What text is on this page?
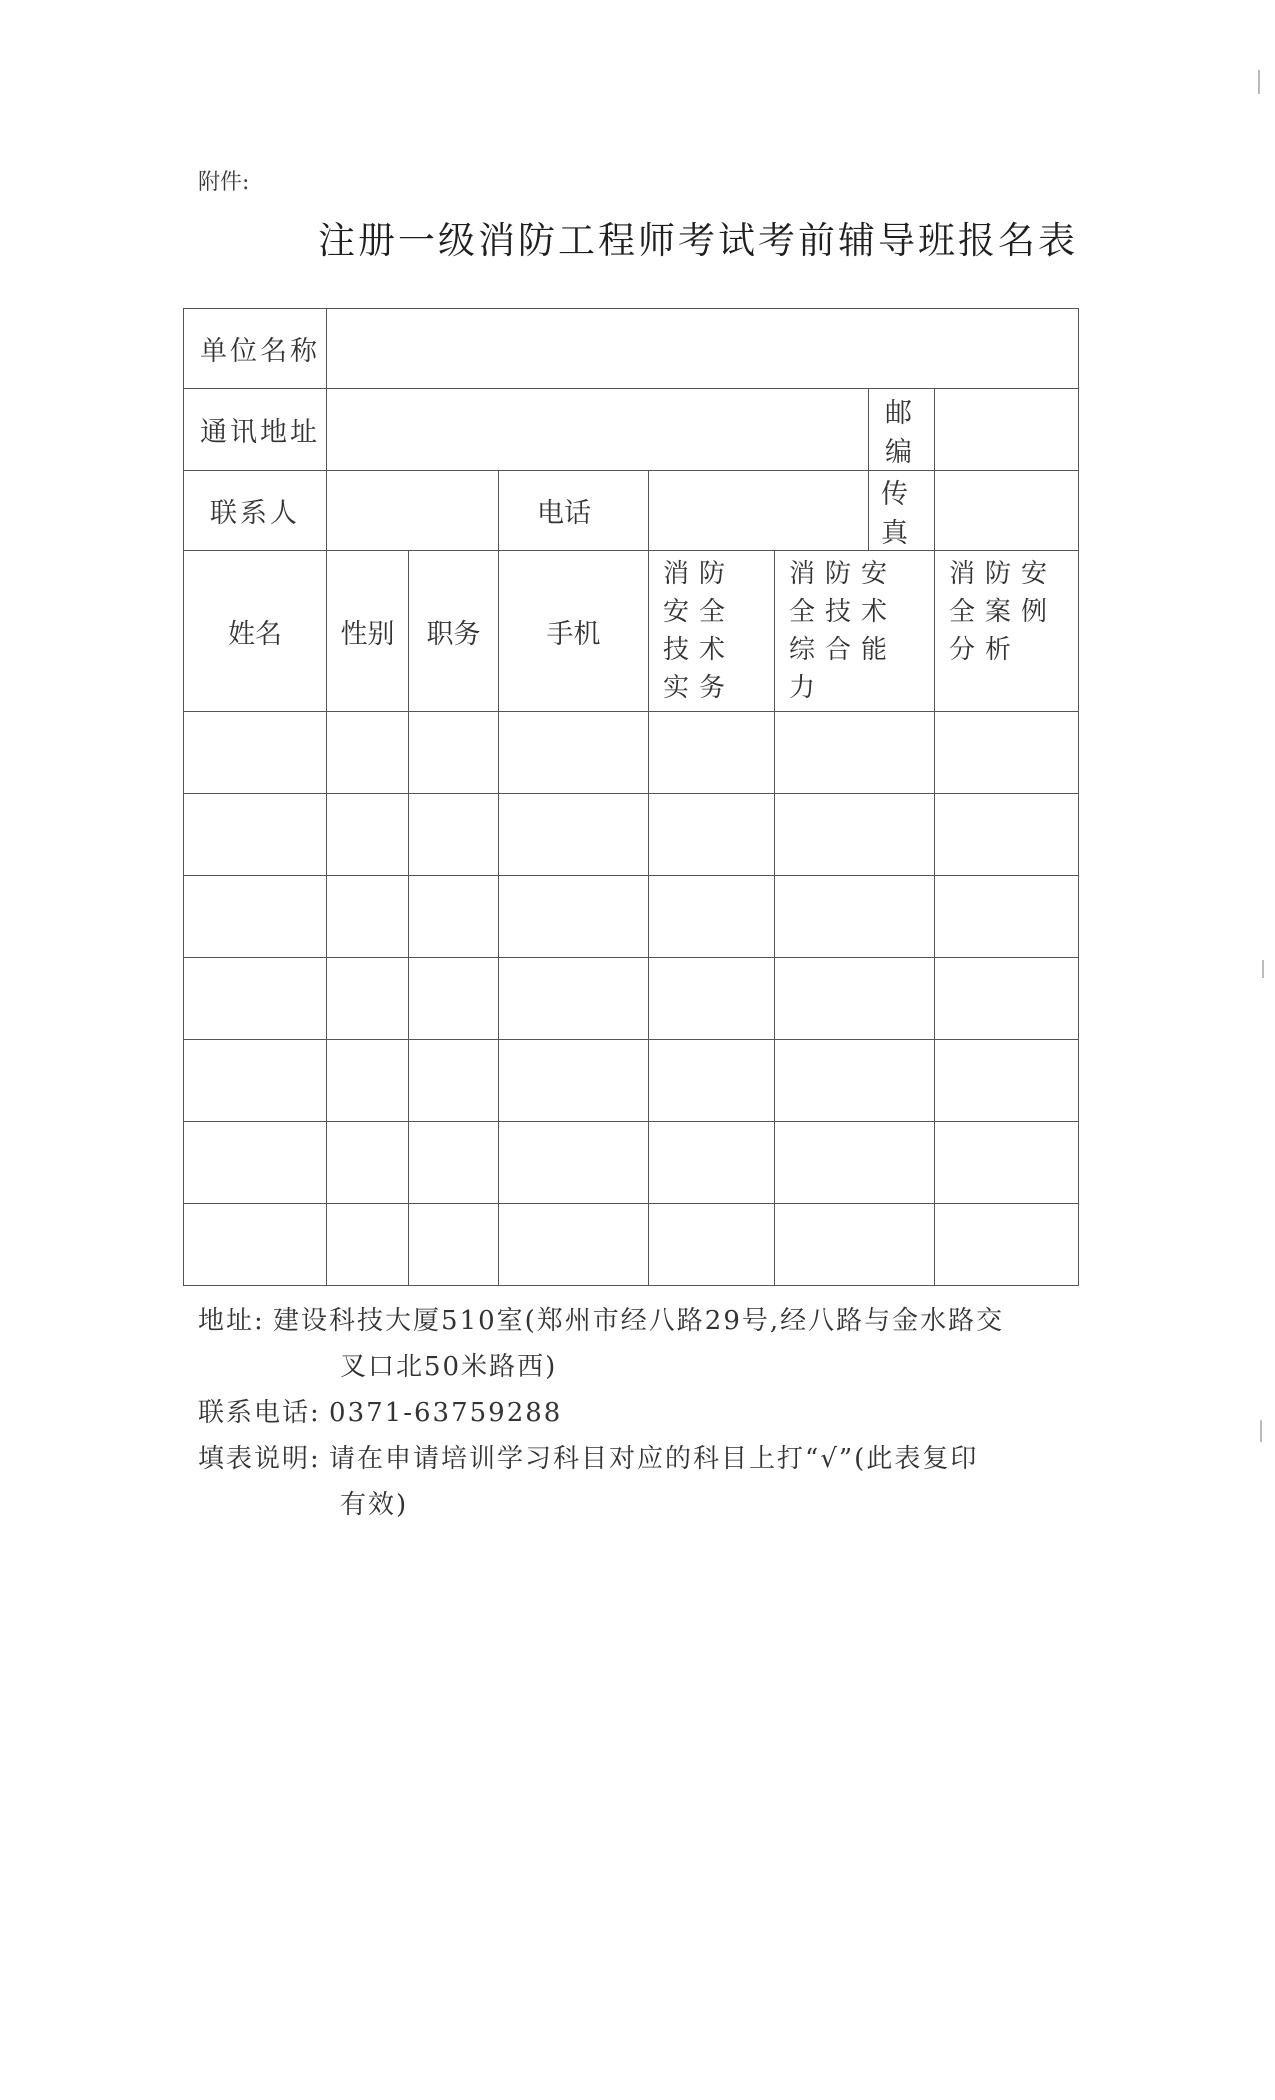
附件:
注册一级消防工程师考试考前辅导班报名表
单位名称							
通讯地址						邮编	
联系人			电话			传真	
姓名	性别	职务	手机	消防安全技术实务	消防安全技术综合能力		消防安全案例分析

地址: 建设科技大厦510室(郑州市经八路29号,经八路与金水路交
叉口北50米路西)
联系电话: 0371-63759288
填表说明: 请在申请培训学习科目对应的科目上打“√”(此表复印
有效)
